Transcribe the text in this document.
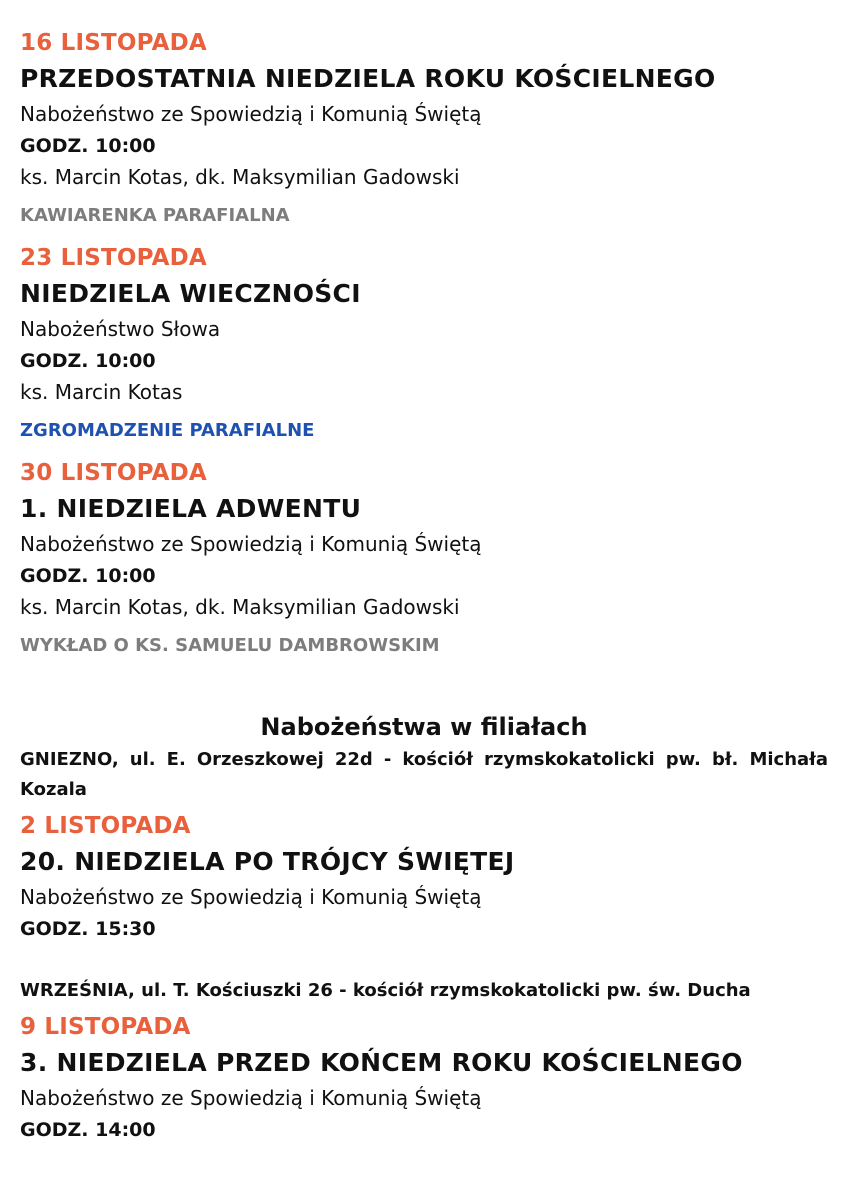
16 LISTOPADA
PRZEDOSTATNIA NIEDZIELA ROKU KOŚCIELNEGO
Nabożeństwo ze Spowiedzią i Komunią Świętą
GODZ. 10:00
ks. Marcin Kotas, dk. Maksymilian Gadowski
KAWIARENKA PARAFIALNA
23 LISTOPADA
NIEDZIELA WIECZNOŚCI
Nabożeństwo Słowa
GODZ. 10:00
ks. Marcin Kotas
ZGROMADZENIE PARAFIALNE
30 LISTOPADA
1. NIEDZIELA ADWENTU
Nabożeństwo ze Spowiedzią i Komunią Świętą
GODZ. 10:00
ks. Marcin Kotas, dk. Maksymilian Gadowski
WYKŁAD O KS. SAMUELU DAMBROWSKIM
Nabożeństwa w filiałach
GNIEZNO, ul. E. Orzeszkowej 22d - kościół rzymskokatolicki pw. bł. Michała Kozala
2 LISTOPADA
20. NIEDZIELA PO TRÓJCY ŚWIĘTEJ
Nabożeństwo ze Spowiedzią i Komunią Świętą
GODZ. 15:30
WRZEŚNIA, ul. T. Kościuszki 26 - kościół rzymskokatolicki pw. św. Ducha
9 LISTOPADA
3. NIEDZIELA PRZED KOŃCEM ROKU KOŚCIELNEGO
Nabożeństwo ze Spowiedzią i Komunią Świętą
GODZ. 14:00
